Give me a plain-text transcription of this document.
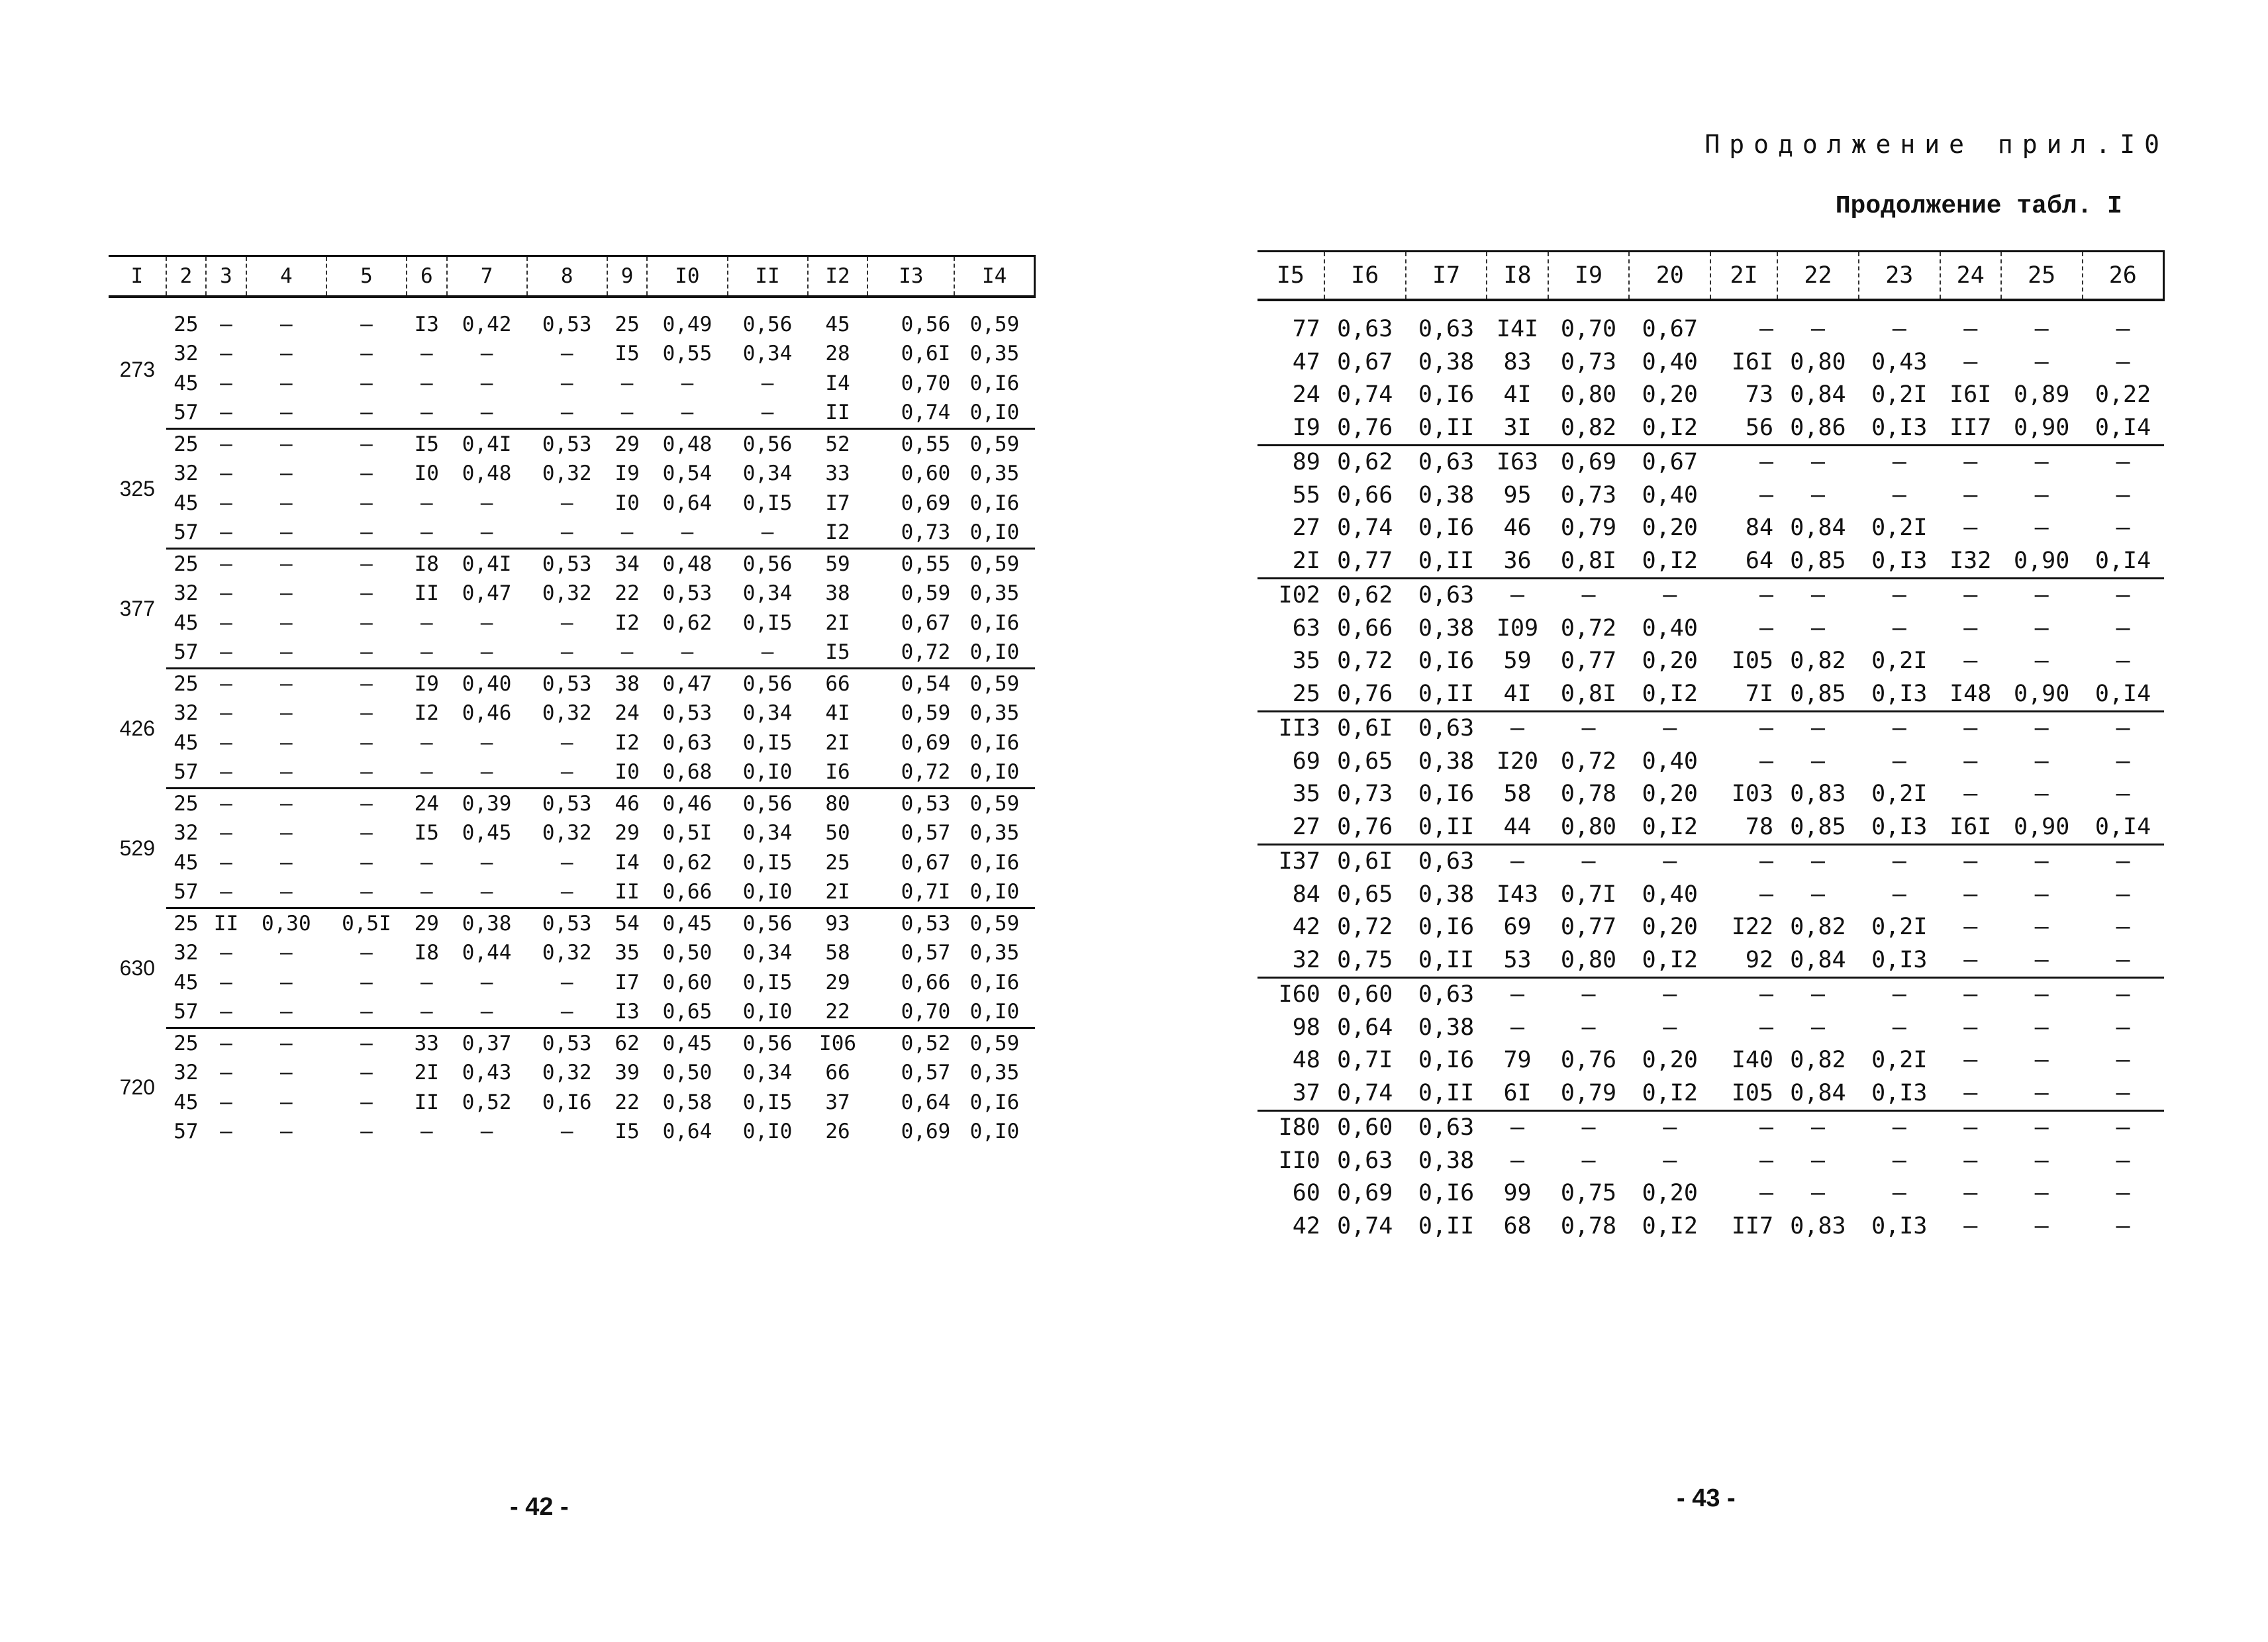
I	2	3	4	5	6	7	8	9	I0	II	I2	I3	I4

273	25	–	–	–	I3	0,42	0,53	25	0,49	0,56	45	0,56	0,59
	32	–	–	–	–	–	–	I5	0,55	0,34	28	0,6I	0,35
	45	–	–	–	–	–	–	–	–	–	I4	0,70	0,I6
	57	–	–	–	–	–	–	–	–	–	II	0,74	0,I0
325	25	–	–	–	I5	0,4I	0,53	29	0,48	0,56	52	0,55	0,59
	32	–	–	–	I0	0,48	0,32	I9	0,54	0,34	33	0,60	0,35
	45	–	–	–	–	–	–	I0	0,64	0,I5	I7	0,69	0,I6
	57	–	–	–	–	–	–	–	–	–	I2	0,73	0,I0
377	25	–	–	–	I8	0,4I	0,53	34	0,48	0,56	59	0,55	0,59
	32	–	–	–	II	0,47	0,32	22	0,53	0,34	38	0,59	0,35
	45	–	–	–	–	–	–	I2	0,62	0,I5	2I	0,67	0,I6
	57	–	–	–	–	–	–	–	–	–	I5	0,72	0,I0
426	25	–	–	–	I9	0,40	0,53	38	0,47	0,56	66	0,54	0,59
	32	–	–	–	I2	0,46	0,32	24	0,53	0,34	4I	0,59	0,35
	45	–	–	–	–	–	–	I2	0,63	0,I5	2I	0,69	0,I6
	57	–	–	–	–	–	–	I0	0,68	0,I0	I6	0,72	0,I0
529	25	–	–	–	24	0,39	0,53	46	0,46	0,56	80	0,53	0,59
	32	–	–	–	I5	0,45	0,32	29	0,5I	0,34	50	0,57	0,35
	45	–	–	–	–	–	–	I4	0,62	0,I5	25	0,67	0,I6
	57	–	–	–	–	–	–	II	0,66	0,I0	2I	0,7I	0,I0
630	25	II	0,30	0,5I	29	0,38	0,53	54	0,45	0,56	93	0,53	0,59
	32	–	–	–	I8	0,44	0,32	35	0,50	0,34	58	0,57	0,35
	45	–	–	–	–	–	–	I7	0,60	0,I5	29	0,66	0,I6
	57	–	–	–	–	–	–	I3	0,65	0,I0	22	0,70	0,I0
720	25	–	–	–	33	0,37	0,53	62	0,45	0,56	I06	0,52	0,59
	32	–	–	–	2I	0,43	0,32	39	0,50	0,34	66	0,57	0,35
	45	–	–	–	II	0,52	0,I6	22	0,58	0,I5	37	0,64	0,I6
	57	–	–	–	–	–	–	I5	0,64	0,I0	26	0,69	0,I0
- 42 -
Продолжение прил.I0
Продолжение табл. I
I5	I6	I7	I8	I9	20	2I	22	23	24	25	26

77	0,63	0,63	I4I	0,70	0,67	–	–	–	–	–	–
47	0,67	0,38	83	0,73	0,40	I6I	0,80	0,43	–	–	–
24	0,74	0,I6	4I	0,80	0,20	73	0,84	0,2I	I6I	0,89	0,22
I9	0,76	0,II	3I	0,82	0,I2	56	0,86	0,I3	II7	0,90	0,I4
89	0,62	0,63	I63	0,69	0,67	–	–	–	–	–	–
55	0,66	0,38	95	0,73	0,40	–	–	–	–	–	–
27	0,74	0,I6	46	0,79	0,20	84	0,84	0,2I	–	–	–
2I	0,77	0,II	36	0,8I	0,I2	64	0,85	0,I3	I32	0,90	0,I4
I02	0,62	0,63	–	–	–	–	–	–	–	–	–
63	0,66	0,38	I09	0,72	0,40	–	–	–	–	–	–
35	0,72	0,I6	59	0,77	0,20	I05	0,82	0,2I	–	–	–
25	0,76	0,II	4I	0,8I	0,I2	7I	0,85	0,I3	I48	0,90	0,I4
II3	0,6I	0,63	–	–	–	–	–	–	–	–	–
69	0,65	0,38	I20	0,72	0,40	–	–	–	–	–	–
35	0,73	0,I6	58	0,78	0,20	I03	0,83	0,2I	–	–	–
27	0,76	0,II	44	0,80	0,I2	78	0,85	0,I3	I6I	0,90	0,I4
I37	0,6I	0,63	–	–	–	–	–	–	–	–	–
84	0,65	0,38	I43	0,7I	0,40	–	–	–	–	–	–
42	0,72	0,I6	69	0,77	0,20	I22	0,82	0,2I	–	–	–
32	0,75	0,II	53	0,80	0,I2	92	0,84	0,I3	–	–	–
I60	0,60	0,63	–	–	–	–	–	–	–	–	–
98	0,64	0,38	–	–	–	–	–	–	–	–	–
48	0,7I	0,I6	79	0,76	0,20	I40	0,82	0,2I	–	–	–
37	0,74	0,II	6I	0,79	0,I2	I05	0,84	0,I3	–	–	–
I80	0,60	0,63	–	–	–	–	–	–	–	–	–
II0	0,63	0,38	–	–	–	–	–	–	–	–	–
60	0,69	0,I6	99	0,75	0,20	–	–	–	–	–	–
42	0,74	0,II	68	0,78	0,I2	II7	0,83	0,I3	–	–	–
- 43 -
